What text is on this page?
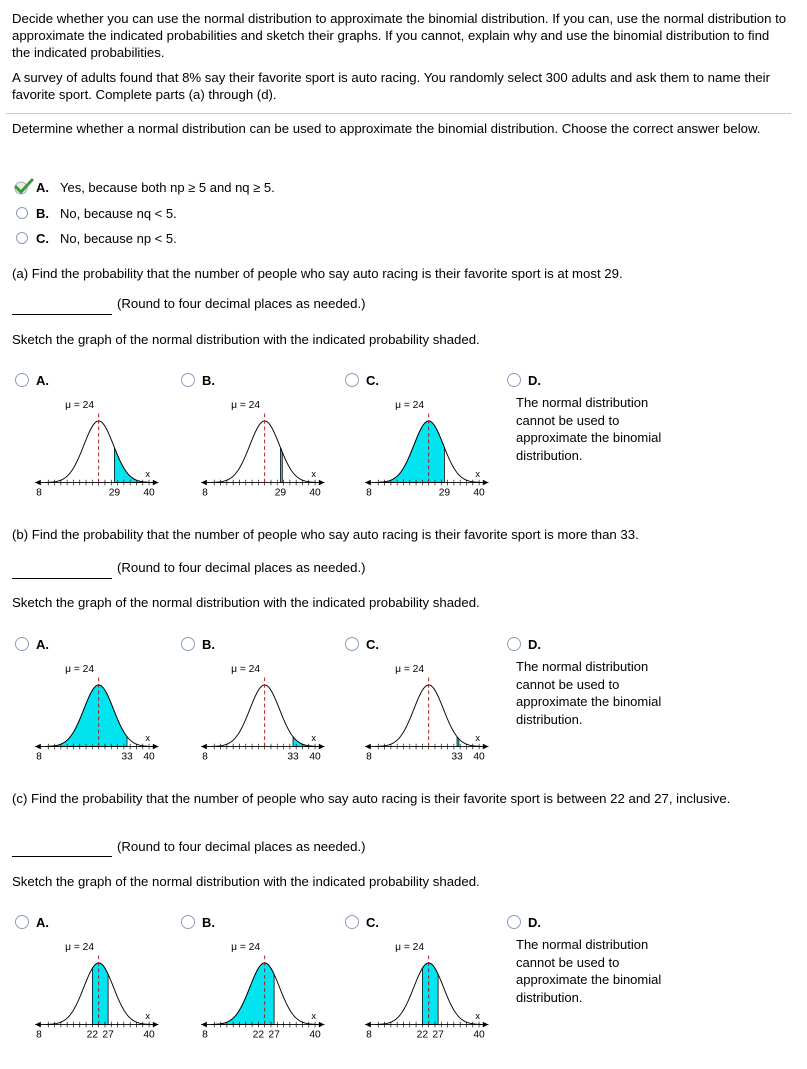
Decide whether you can use the normal distribution to approximate the binomial distribution. If you can, use the normal distribution to approximate the indicated probabilities and sketch their graphs. If you cannot, explain why and use the binomial distribution to find the indicated probabilities.
A survey of adults found that 8% say their favorite sport is auto racing. You randomly select 300 adults and ask them to name their favorite sport. Complete parts (a) through (d).
Determine whether a normal distribution can be used to approximate the binomial distribution. Choose the correct answer below.
A. Yes, because both np ≥ 5 and nq ≥ 5.
B. No, because nq < 5.
C. No, because np < 5.
(a) Find the probability that the number of people who say auto racing is their favorite sport is at most 29.
(Round to four decimal places as needed.)
Sketch the graph of the normal distribution with the indicated probability shaded.
(b) Find the probability that the number of people who say auto racing is their favorite sport is more than 33.
(Round to four decimal places as needed.)
Sketch the graph of the normal distribution with the indicated probability shaded.
(c) Find the probability that the number of people who say auto racing is their favorite sport is between 22 and 27, inclusive.
(Round to four decimal places as needed.)
Sketch the graph of the normal distribution with the indicated probability shaded.
A.
μ = 24
x
8	29 40
B.
μ = 24
x
8	29 40
C.
μ = 24
x
8	29 40
D.
The normal distribution cannot be used to approximate the binomial distribution.
A.
μ = 24
x
8	33 40
B.
μ = 24
x
8	33 40
C.
μ = 24
x
8	33 40
D.
The normal distribution cannot be used to approximate the binomial distribution.
A.
μ = 24
x
8	22 27	40
B.
μ = 24
x
8	22 27	40
C.
μ = 24
x
8	22 27	40
D.
The normal distribution cannot be used to approximate the binomial distribution.
